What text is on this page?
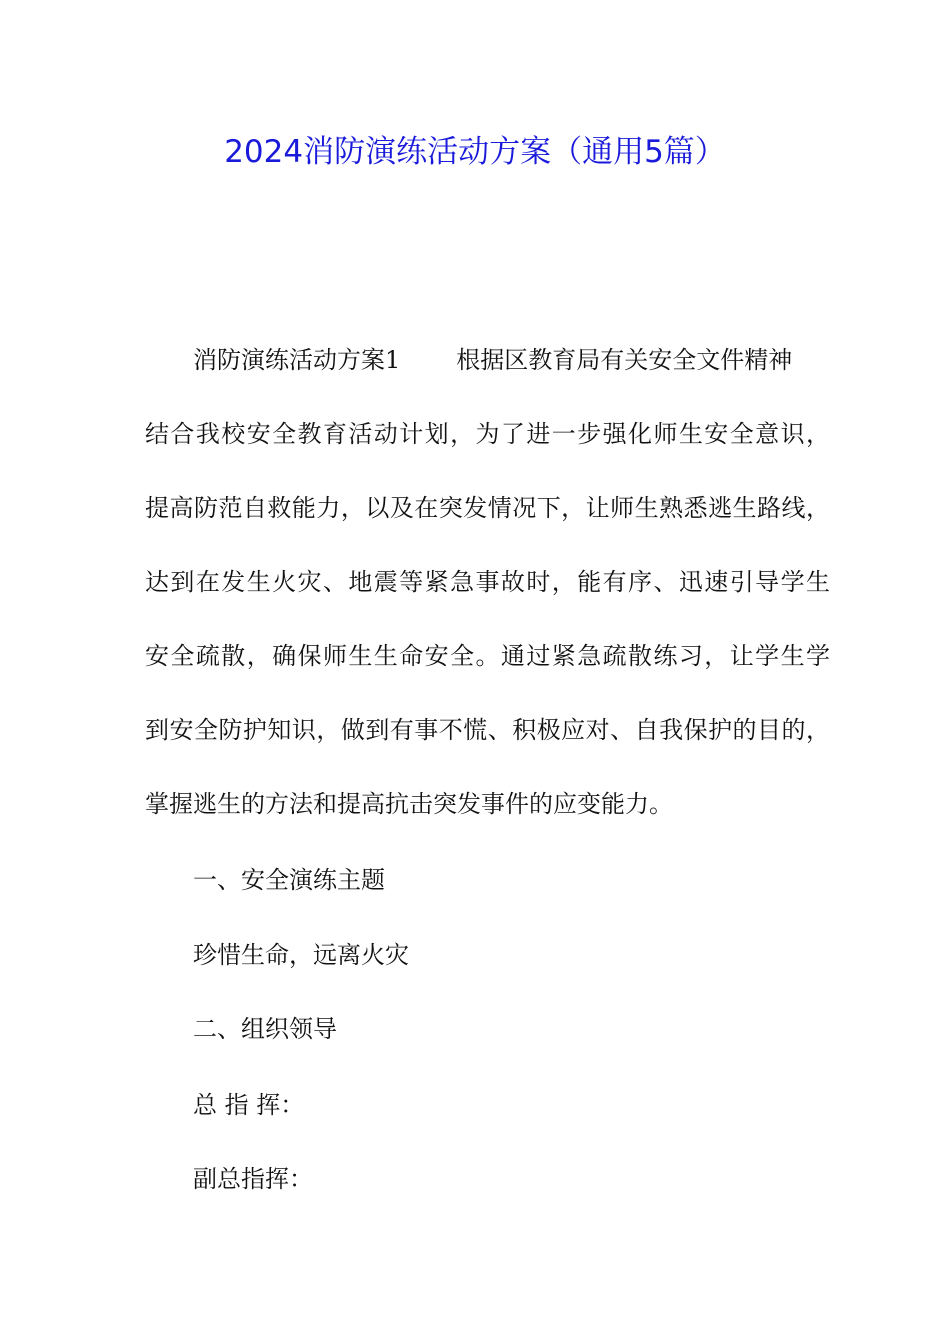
2024消防演练活动方案（通用5篇）
消防演练活动方案1 根据区教育局有关安全文件精神
结合我校安全教育活动计划，为了进一步强化师生安全意识，
提高防范自救能力，以及在突发情况下，让师生熟悉逃生路线，
达到在发生火灾、地震等紧急事故时，能有序、迅速引导学生
安全疏散，确保师生生命安全。通过紧急疏散练习，让学生学
到安全防护知识，做到有事不慌、积极应对、自我保护的目的，
掌握逃生的方法和提高抗击突发事件的应变能力。
一、安全演练主题
珍惜生命，远离火灾
二、组织领导
总 指 挥：
副总指挥：
